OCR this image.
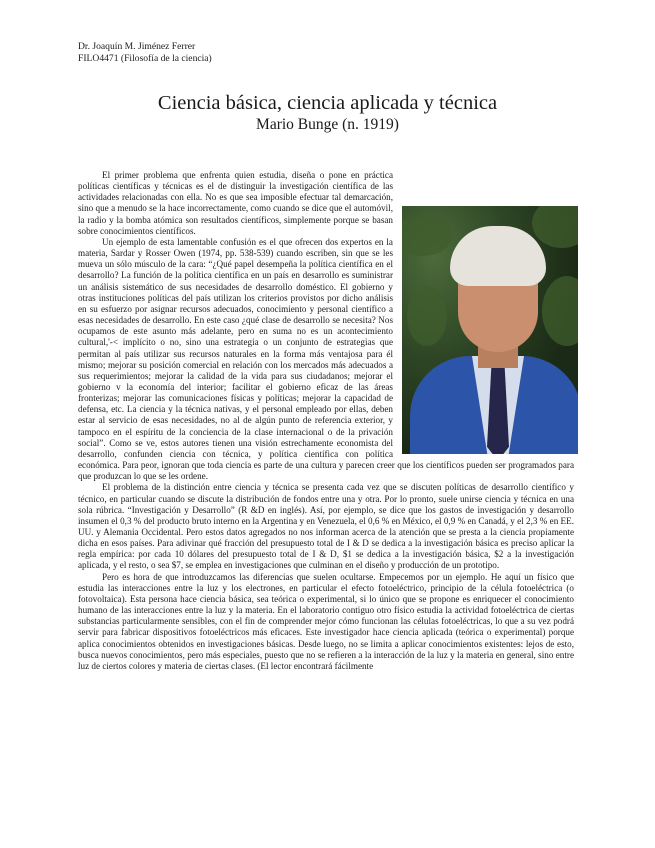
Dr. Joaquín M. Jiménez Ferrer
FILO4471 (Filosofía de la ciencia)
Ciencia básica, ciencia aplicada y técnica
Mario Bunge (n. 1919)

El primer problema que enfrenta quien estudia, diseña o pone en práctica políticas científicas y técnicas es el de distinguir la investigación científica de las actividades relacionadas con ella. No es que sea imposible efectuar tal demarcación, sino que a menudo se la hace incorrectamente, como cuando se dice que el automóvil, la radio y la bomba atómica son resultados científicos, simplemente porque se basan sobre conocimientos científicos.

Un ejemplo de esta lamentable confusión es el que ofrecen dos expertos en la materia, Sardar y Rosser Owen (1974, pp. 538-539) cuando escriben, sin que se les mueva un sólo músculo de la cara: “¿Qué papel desempeña la política científica en el desarrollo? La función de la política científica en un país en desarrollo es suministrar un análisis sistemático de sus necesidades de desarrollo doméstico. El gobierno y otras instituciones políticas del país utilizan los criterios provistos por dicho análisis en su esfuerzo por asignar recursos adecuados, conocimiento y personal científico a esas necesidades de desarrollo. En este caso ¿qué clase de desarrollo se necesita? Nos ocupamos de este asunto más adelante, pero en suma no es un acontecimiento cultural,'-< implícito o no, sino una estrategia o un conjunto de estrategias que permitan al país utilizar sus recursos naturales en la forma más ventajosa para él mismo; mejorar su posición comercial en relación con los mercados más adecuados a sus requerimientos; mejorar la calidad de la vida para sus ciudadanos; mejorar el gobierno v la economía del interior; facilitar el gobierno eficaz de las áreas fronterizas; mejorar las comunicaciones físicas y políticas; mejorar la capacidad de defensa, etc. La ciencia y la técnica nativas, y el personal empleado por ellas, deben estar al servicio de esas necesidades, no al de algún punto de referencia exterior, y tampoco en el espíritu de la conciencia de la clase internacional o de la privación social”. Como se ve, estos autores tienen una visión estrechamente economista del desarrollo, confunden ciencia con técnica, y política científica con política económica. Para peor, ignoran que toda ciencia es parte de una cultura y parecen creer que los científicos pueden ser programados para que produzcan lo que se les ordene.

El problema de la distinción entre ciencia y técnica se presenta cada vez que se discuten políticas de desarrollo científico y técnico, en particular cuando se discute la distribución de fondos entre una y otra. Por lo pronto, suele unirse ciencia y técnica en una sola rúbrica. “Investigación y Desarrollo” (R &D en inglés). Así, por ejemplo, se dice que los gastos de investigación y desarrollo insumen el 0,3 % del producto bruto interno en la Argentina y en Venezuela, el 0,6 % en México, el 0,9 % en Canadá, y el 2,3 % en EE. UU. y Alemania Occidental. Pero estos datos agregados no nos informan acerca de la atención que se presta a la ciencia propiamente dicha en esos países. Para adivinar qué fracción del presupuesto total de I & D se dedica a la investigación básica es preciso aplicar la regla empírica: por cada 10 dólares del presupuesto total de I & D, $1 se dedica a la investigación básica, $2 a la investigación aplicada, y el resto, o sea $7, se emplea en investigaciones que culminan en el diseño y producción de un prototipo.

Pero es hora de que introduzcamos las diferencias que suelen ocultarse. Empecemos por un ejemplo. He aquí un físico que estudia las interacciones entre la luz y los electrones, en particular el efecto fotoeléctrico, principio de la célula fotoeléctrica (o fotovoltaica). Esta persona hace ciencia básica, sea teórica o experimental, si lo único que se propone es enriquecer el conocimiento humano de las interacciones entre la luz y la materia. En el laboratorio contiguo otro físico estudia la actividad fotoeléctrica de ciertas substancias particularmente sensibles, con el fin de comprender mejor cómo funcionan las células fotoeléctricas, lo que a su vez podrá servir para fabricar dispositivos fotoeléctricos más eficaces. Este investigador hace ciencia aplicada (teórica o experimental) porque aplica conocimientos obtenidos en investigaciones básicas. Desde luego, no se limita a aplicar conocimientos existentes: lejos de esto, busca nuevos conocimientos, pero más especiales, puesto que no se refieren a la interacción de la luz y la materia en general, sino entre luz de ciertos colores y materia de ciertas clases. (El lector encontrará fácilmente
